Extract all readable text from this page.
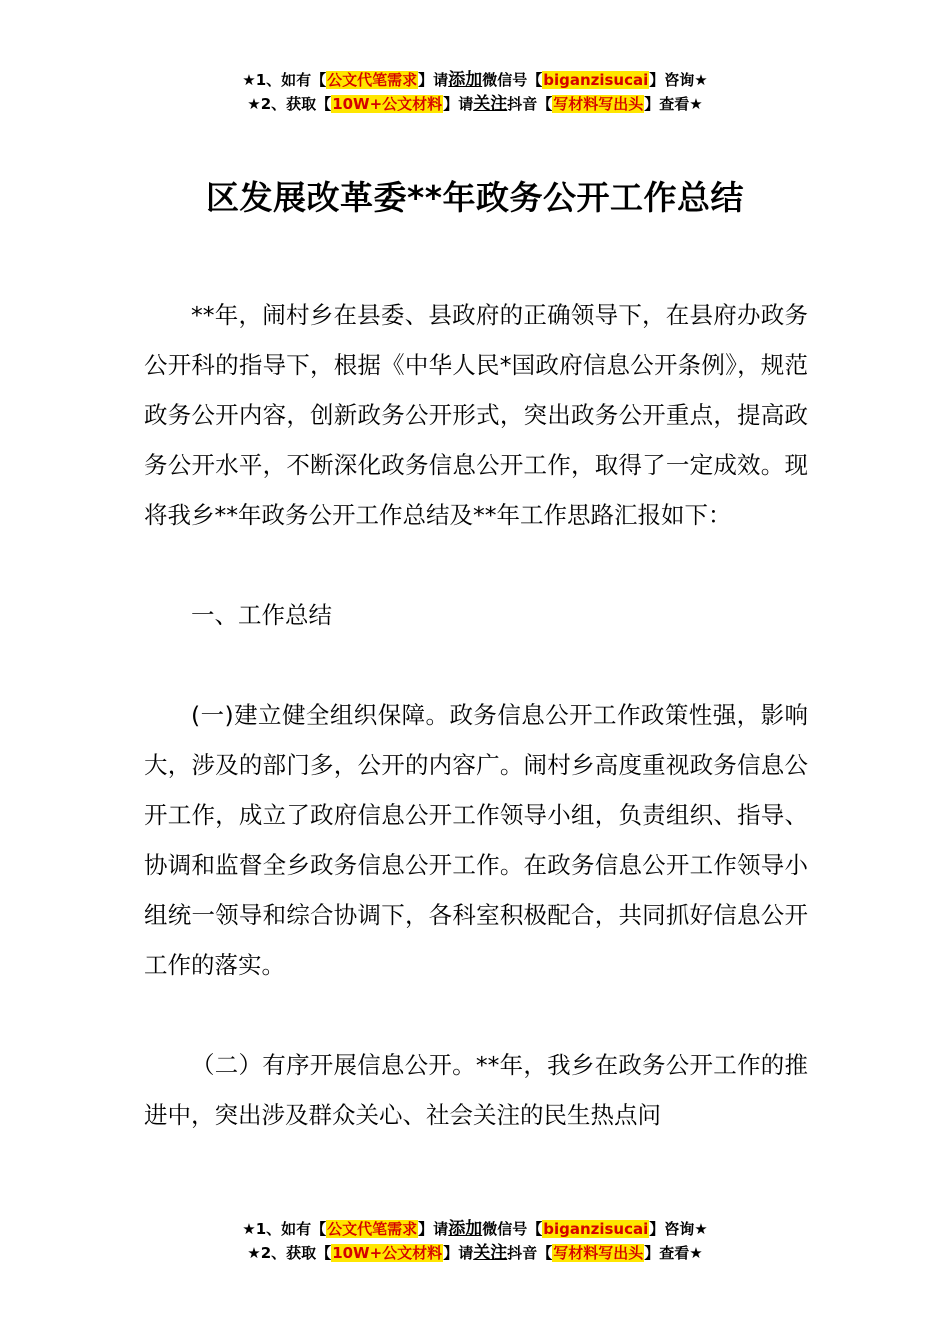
★1、如有【公文代笔需求】请添加微信号【biganzisucai】咨询★
★2、获取【10W+公文材料】请关注抖音【写材料写出头】查看★
区发展改革委**年政务公开工作总结

**年，闹村乡在县委、县政府的正确领导下，在县府办政务公开科的指导下，根据《中华人民*国政府信息公开条例》，规范政务公开内容，创新政务公开形式，突出政务公开重点，提高政务公开水平，不断深化政务信息公开工作，取得了一定成效。现将我乡**年政务公开工作总结及**年工作思路汇报如下：

一、工作总结

(一)建立健全组织保障。政务信息公开工作政策性强，影响大，涉及的部门多，公开的内容广。闹村乡高度重视政务信息公开工作，成立了政府信息公开工作领导小组，负责组织、指导、协调和监督全乡政务信息公开工作。在政务信息公开工作领导小组统一领导和综合协调下，各科室积极配合，共同抓好信息公开工作的落实。

（二）有序开展信息公开。**年，我乡在政务公开工作的推进中，突出涉及群众关心、社会关注的民生热点问

★1、如有【公文代笔需求】请添加微信号【biganzisucai】咨询★
★2、获取【10W+公文材料】请关注抖音【写材料写出头】查看★
